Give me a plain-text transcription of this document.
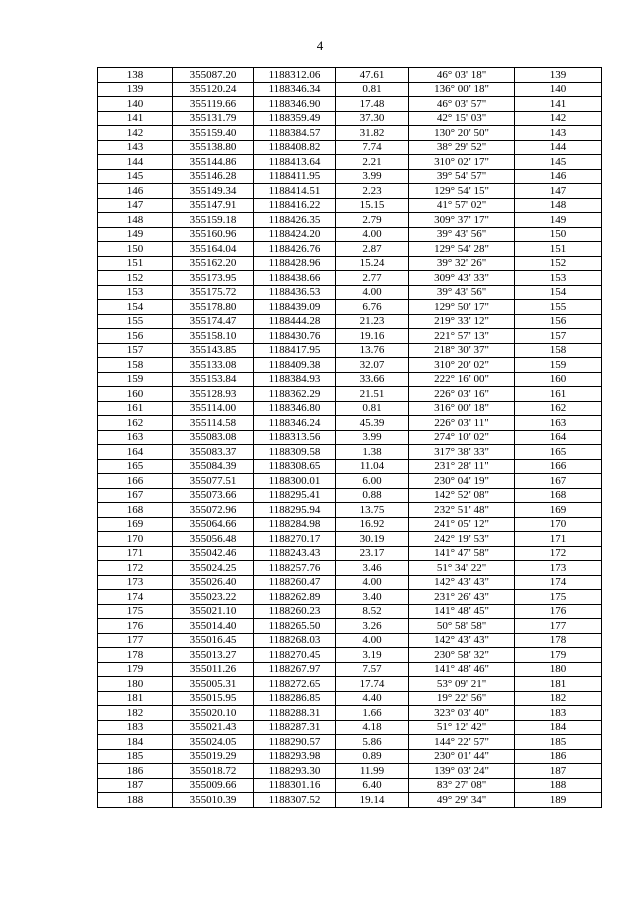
4
138	355087.20	1188312.06	47.61	46° 03' 18"	139
139	355120.24	1188346.34	0.81	136° 00' 18"	140
140	355119.66	1188346.90	17.48	46° 03' 57"	141
141	355131.79	1188359.49	37.30	42° 15' 03"	142
142	355159.40	1188384.57	31.82	130° 20' 50"	143
143	355138.80	1188408.82	7.74	38° 29' 52"	144
144	355144.86	1188413.64	2.21	310° 02' 17"	145
145	355146.28	1188411.95	3.99	39° 54' 57"	146
146	355149.34	1188414.51	2.23	129° 54' 15"	147
147	355147.91	1188416.22	15.15	41° 57' 02"	148
148	355159.18	1188426.35	2.79	309° 37' 17"	149
149	355160.96	1188424.20	4.00	39° 43' 56"	150
150	355164.04	1188426.76	2.87	129° 54' 28"	151
151	355162.20	1188428.96	15.24	39° 32' 26"	152
152	355173.95	1188438.66	2.77	309° 43' 33"	153
153	355175.72	1188436.53	4.00	39° 43' 56"	154
154	355178.80	1188439.09	6.76	129° 50' 17"	155
155	355174.47	1188444.28	21.23	219° 33' 12"	156
156	355158.10	1188430.76	19.16	221° 57' 13"	157
157	355143.85	1188417.95	13.76	218° 30' 37"	158
158	355133.08	1188409.38	32.07	310° 20' 02"	159
159	355153.84	1188384.93	33.66	222° 16' 00"	160
160	355128.93	1188362.29	21.51	226° 03' 16"	161
161	355114.00	1188346.80	0.81	316° 00' 18"	162
162	355114.58	1188346.24	45.39	226° 03' 11"	163
163	355083.08	1188313.56	3.99	274° 10' 02"	164
164	355083.37	1188309.58	1.38	317° 38' 33"	165
165	355084.39	1188308.65	11.04	231° 28' 11"	166
166	355077.51	1188300.01	6.00	230° 04' 19"	167
167	355073.66	1188295.41	0.88	142° 52' 08"	168
168	355072.96	1188295.94	13.75	232° 51' 48"	169
169	355064.66	1188284.98	16.92	241° 05' 12"	170
170	355056.48	1188270.17	30.19	242° 19' 53"	171
171	355042.46	1188243.43	23.17	141° 47' 58"	172
172	355024.25	1188257.76	3.46	51° 34' 22"	173
173	355026.40	1188260.47	4.00	142° 43' 43"	174
174	355023.22	1188262.89	3.40	231° 26' 43"	175
175	355021.10	1188260.23	8.52	141° 48' 45"	176
176	355014.40	1188265.50	3.26	50° 58' 58"	177
177	355016.45	1188268.03	4.00	142° 43' 43"	178
178	355013.27	1188270.45	3.19	230° 58' 32"	179
179	355011.26	1188267.97	7.57	141° 48' 46"	180
180	355005.31	1188272.65	17.74	53° 09' 21"	181
181	355015.95	1188286.85	4.40	19° 22' 56"	182
182	355020.10	1188288.31	1.66	323° 03' 40"	183
183	355021.43	1188287.31	4.18	51° 12' 42"	184
184	355024.05	1188290.57	5.86	144° 22' 57"	185
185	355019.29	1188293.98	0.89	230° 01' 44"	186
186	355018.72	1188293.30	11.99	139° 03' 24"	187
187	355009.66	1188301.16	6.40	83° 27' 08"	188
188	355010.39	1188307.52	19.14	49° 29' 34"	189
